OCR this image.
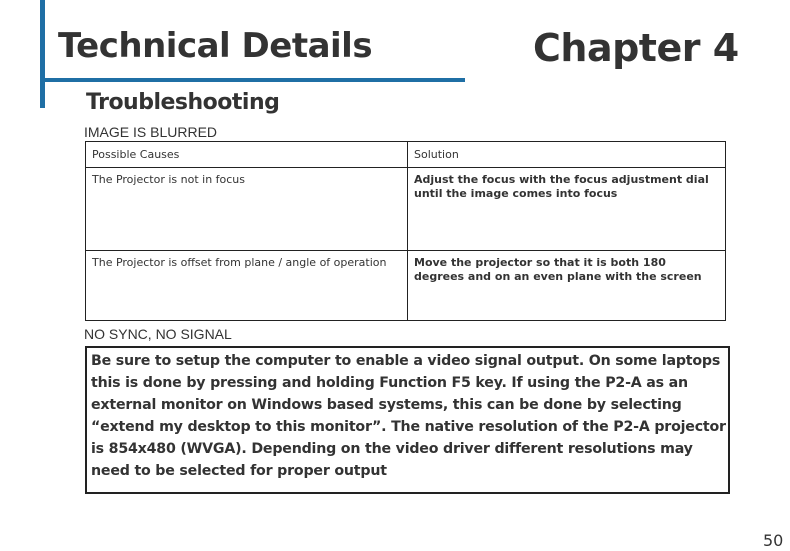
Technical Details	Chapter 4
Troubleshooting
IMAGE IS BLURRED
Possible Causes	Solution
The Projector is not in focus	Adjust the focus with the focus adjustment dial until the image comes into focus
The Projector is offset from plane / angle of operation	Move the projector so that it is both 180 degrees and on an even plane with the screen
NO SYNC, NO SIGNAL
Be sure to setup the computer to enable a video signal output. On some laptops this is done by pressing and holding Function F5 key. If using the P2-A as an external monitor on Windows based systems, this can be done by selecting “extend my desktop to this monitor”. The native resolution of the P2-A projector is 854x480 (WVGA). Depending on the video driver different resolutions may need to be selected for proper output
50
